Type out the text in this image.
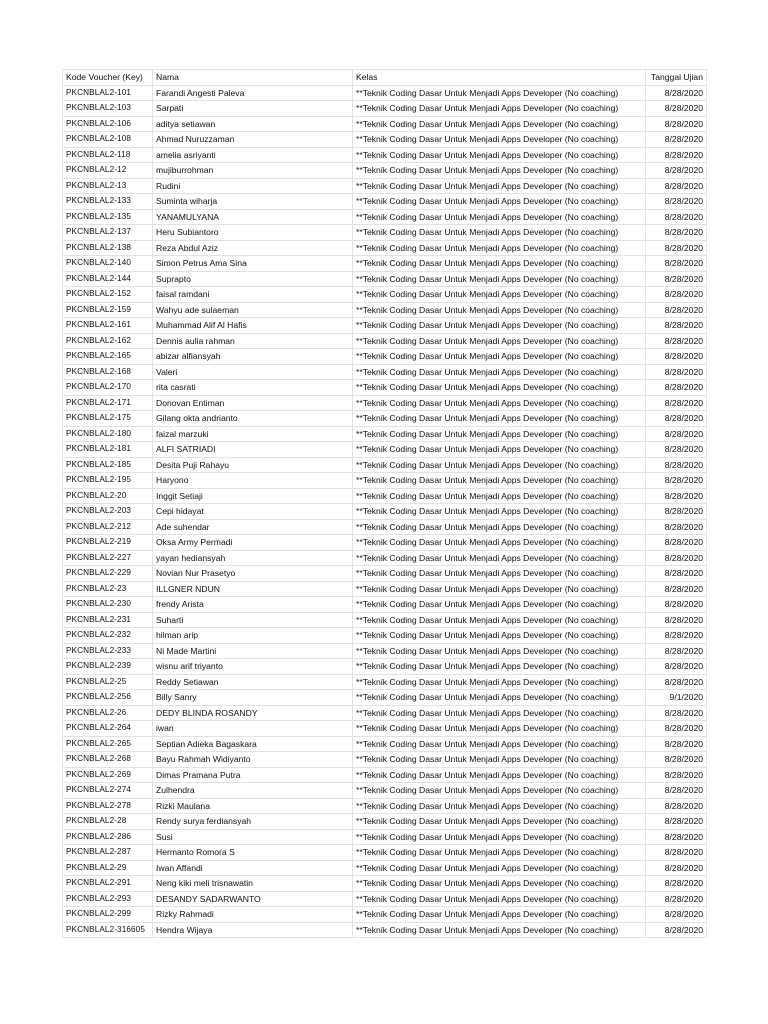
Kode Voucher (Key)	Nama	Kelas	Tanggal Ujian
PKCNBLAL2-101	Farandi Angesti Paleva	**Teknik Coding Dasar Untuk Menjadi Apps Developer (No coaching)	8/28/2020
PKCNBLAL2-103	Sarpati	**Teknik Coding Dasar Untuk Menjadi Apps Developer (No coaching)	8/28/2020
PKCNBLAL2-106	aditya setiawan	**Teknik Coding Dasar Untuk Menjadi Apps Developer (No coaching)	8/28/2020
PKCNBLAL2-108	Ahmad Nuruzzaman	**Teknik Coding Dasar Untuk Menjadi Apps Developer (No coaching)	8/28/2020
PKCNBLAL2-118	amelia asriyanti	**Teknik Coding Dasar Untuk Menjadi Apps Developer (No coaching)	8/28/2020
PKCNBLAL2-12	mujiburrohman	**Teknik Coding Dasar Untuk Menjadi Apps Developer (No coaching)	8/28/2020
PKCNBLAL2-13	Rudini	**Teknik Coding Dasar Untuk Menjadi Apps Developer (No coaching)	8/28/2020
PKCNBLAL2-133	Suminta wiharja	**Teknik Coding Dasar Untuk Menjadi Apps Developer (No coaching)	8/28/2020
PKCNBLAL2-135	YANAMULYANA	**Teknik Coding Dasar Untuk Menjadi Apps Developer (No coaching)	8/28/2020
PKCNBLAL2-137	Heru Subiantoro	**Teknik Coding Dasar Untuk Menjadi Apps Developer (No coaching)	8/28/2020
PKCNBLAL2-138	Reza Abdul Aziz	**Teknik Coding Dasar Untuk Menjadi Apps Developer (No coaching)	8/28/2020
PKCNBLAL2-140	Simon Petrus Ama Sina	**Teknik Coding Dasar Untuk Menjadi Apps Developer (No coaching)	8/28/2020
PKCNBLAL2-144	Suprapto	**Teknik Coding Dasar Untuk Menjadi Apps Developer (No coaching)	8/28/2020
PKCNBLAL2-152	faisal ramdani	**Teknik Coding Dasar Untuk Menjadi Apps Developer (No coaching)	8/28/2020
PKCNBLAL2-159	Wahyu ade sulaeman	**Teknik Coding Dasar Untuk Menjadi Apps Developer (No coaching)	8/28/2020
PKCNBLAL2-161	Muhammad Alif Al Hafis	**Teknik Coding Dasar Untuk Menjadi Apps Developer (No coaching)	8/28/2020
PKCNBLAL2-162	Dennis aulia rahman	**Teknik Coding Dasar Untuk Menjadi Apps Developer (No coaching)	8/28/2020
PKCNBLAL2-165	abizar alfiansyah	**Teknik Coding Dasar Untuk Menjadi Apps Developer (No coaching)	8/28/2020
PKCNBLAL2-168	Valeri	**Teknik Coding Dasar Untuk Menjadi Apps Developer (No coaching)	8/28/2020
PKCNBLAL2-170	rita casrati	**Teknik Coding Dasar Untuk Menjadi Apps Developer (No coaching)	8/28/2020
PKCNBLAL2-171	Donovan Entiman	**Teknik Coding Dasar Untuk Menjadi Apps Developer (No coaching)	8/28/2020
PKCNBLAL2-175	Gilang okta andrianto	**Teknik Coding Dasar Untuk Menjadi Apps Developer (No coaching)	8/28/2020
PKCNBLAL2-180	faizal marzuki	**Teknik Coding Dasar Untuk Menjadi Apps Developer (No coaching)	8/28/2020
PKCNBLAL2-181	ALFI SATRIADI	**Teknik Coding Dasar Untuk Menjadi Apps Developer (No coaching)	8/28/2020
PKCNBLAL2-185	Desita Puji Rahayu	**Teknik Coding Dasar Untuk Menjadi Apps Developer (No coaching)	8/28/2020
PKCNBLAL2-195	Haryono	**Teknik Coding Dasar Untuk Menjadi Apps Developer (No coaching)	8/28/2020
PKCNBLAL2-20	Inggit Setiaji	**Teknik Coding Dasar Untuk Menjadi Apps Developer (No coaching)	8/28/2020
PKCNBLAL2-203	Cepi hidayat	**Teknik Coding Dasar Untuk Menjadi Apps Developer (No coaching)	8/28/2020
PKCNBLAL2-212	Ade suhendar	**Teknik Coding Dasar Untuk Menjadi Apps Developer (No coaching)	8/28/2020
PKCNBLAL2-219	Oksa Army Permadi	**Teknik Coding Dasar Untuk Menjadi Apps Developer (No coaching)	8/28/2020
PKCNBLAL2-227	yayan hediansyah	**Teknik Coding Dasar Untuk Menjadi Apps Developer (No coaching)	8/28/2020
PKCNBLAL2-229	Novian Nur Prasetyo	**Teknik Coding Dasar Untuk Menjadi Apps Developer (No coaching)	8/28/2020
PKCNBLAL2-23	ILLGNER NDUN	**Teknik Coding Dasar Untuk Menjadi Apps Developer (No coaching)	8/28/2020
PKCNBLAL2-230	frendy Arista	**Teknik Coding Dasar Untuk Menjadi Apps Developer (No coaching)	8/28/2020
PKCNBLAL2-231	Suharti	**Teknik Coding Dasar Untuk Menjadi Apps Developer (No coaching)	8/28/2020
PKCNBLAL2-232	hilman arip	**Teknik Coding Dasar Untuk Menjadi Apps Developer (No coaching)	8/28/2020
PKCNBLAL2-233	Ni Made Martini	**Teknik Coding Dasar Untuk Menjadi Apps Developer (No coaching)	8/28/2020
PKCNBLAL2-239	wisnu arif triyanto	**Teknik Coding Dasar Untuk Menjadi Apps Developer (No coaching)	8/28/2020
PKCNBLAL2-25	Reddy Setiawan	**Teknik Coding Dasar Untuk Menjadi Apps Developer (No coaching)	8/28/2020
PKCNBLAL2-256	Billy Sanry	**Teknik Coding Dasar Untuk Menjadi Apps Developer (No coaching)	9/1/2020
PKCNBLAL2-26	DEDY BLINDA ROSANDY	**Teknik Coding Dasar Untuk Menjadi Apps Developer (No coaching)	8/28/2020
PKCNBLAL2-264	iwan	**Teknik Coding Dasar Untuk Menjadi Apps Developer (No coaching)	8/28/2020
PKCNBLAL2-265	Septian Adieka Bagaskara	**Teknik Coding Dasar Untuk Menjadi Apps Developer (No coaching)	8/28/2020
PKCNBLAL2-268	Bayu Rahmah Widiyanto	**Teknik Coding Dasar Untuk Menjadi Apps Developer (No coaching)	8/28/2020
PKCNBLAL2-269	Dimas Pramana Putra	**Teknik Coding Dasar Untuk Menjadi Apps Developer (No coaching)	8/28/2020
PKCNBLAL2-274	Zulhendra	**Teknik Coding Dasar Untuk Menjadi Apps Developer (No coaching)	8/28/2020
PKCNBLAL2-278	Rizki Maulana	**Teknik Coding Dasar Untuk Menjadi Apps Developer (No coaching)	8/28/2020
PKCNBLAL2-28	Rendy surya ferdiansyah	**Teknik Coding Dasar Untuk Menjadi Apps Developer (No coaching)	8/28/2020
PKCNBLAL2-286	Susi	**Teknik Coding Dasar Untuk Menjadi Apps Developer (No coaching)	8/28/2020
PKCNBLAL2-287	Hermanto Romora S	**Teknik Coding Dasar Untuk Menjadi Apps Developer (No coaching)	8/28/2020
PKCNBLAL2-29	Iwan Affandi	**Teknik Coding Dasar Untuk Menjadi Apps Developer (No coaching)	8/28/2020
PKCNBLAL2-291	Neng kiki meli trisnawatin	**Teknik Coding Dasar Untuk Menjadi Apps Developer (No coaching)	8/28/2020
PKCNBLAL2-293	DESANDY SADARWANTO	**Teknik Coding Dasar Untuk Menjadi Apps Developer (No coaching)	8/28/2020
PKCNBLAL2-299	Rizky Rahmadi	**Teknik Coding Dasar Untuk Menjadi Apps Developer (No coaching)	8/28/2020
PKCNBLAL2-316605	Hendra Wijaya	**Teknik Coding Dasar Untuk Menjadi Apps Developer (No coaching)	8/28/2020
